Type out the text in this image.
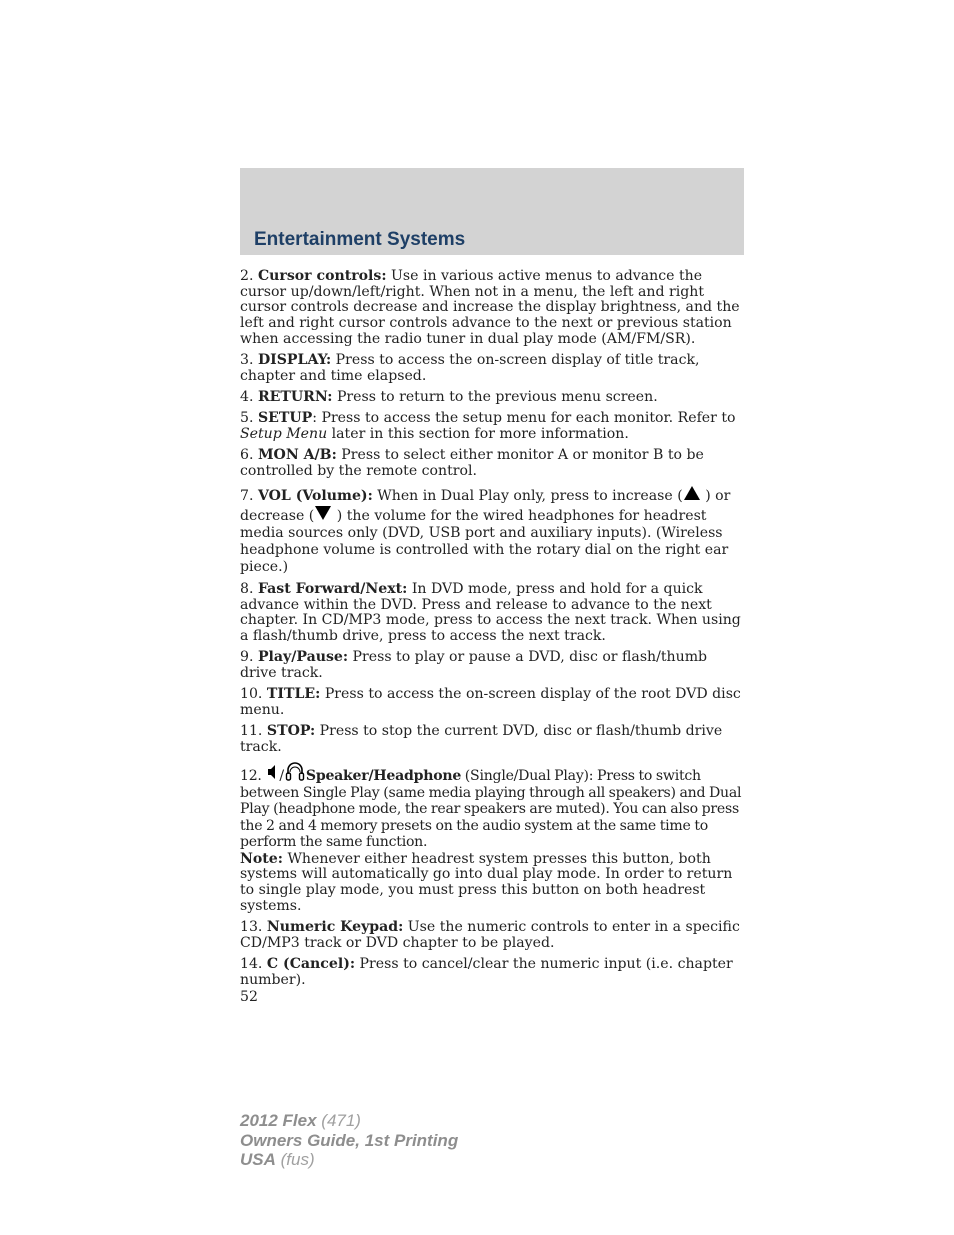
Entertainment Systems

2. Cursor controls: Use in various active menus to advance the cursor up/down/left/right. When not in a menu, the left and right cursor controls decrease and increase the display brightness, and the left and right cursor controls advance to the next or previous station when accessing the radio tuner in dual play mode (AM/FM/SR).

3. DISPLAY: Press to access the on-screen display of title track, chapter and time elapsed.

4. RETURN: Press to return to the previous menu screen.

5. SETUP: Press to access the setup menu for each monitor. Refer to Setup Menu later in this section for more information.

6. MON A/B: Press to select either monitor A or monitor B to be controlled by the remote control.

7. VOL (Volume): When in Dual Play only, press to increase ( ) or decrease ( ) the volume for the wired headphones for headrest media sources only (DVD, USB port and auxiliary inputs). (Wireless headphone volume is controlled with the rotary dial on the right ear piece.)

8. Fast Forward/Next: In DVD mode, press and hold for a quick advance within the DVD. Press and release to advance to the next chapter. In CD/MP3 mode, press to access the next track. When using a flash/thumb drive, press to access the next track.

9. Play/Pause: Press to play or pause a DVD, disc or flash/thumb drive track.

10. TITLE: Press to access the on-screen display of the root DVD disc menu.

11. STOP: Press to stop the current DVD, disc or flash/thumb drive track.

12. / Speaker/Headphone (Single/Dual Play): Press to switch between Single Play (same media playing through all speakers) and Dual Play (headphone mode, the rear speakers are muted). You can also press the 2 and 4 memory presets on the audio system at the same time to perform the same function.

Note: Whenever either headrest system presses this button, both systems will automatically go into dual play mode. In order to return to single play mode, you must press this button on both headrest systems.

13. Numeric Keypad: Use the numeric controls to enter in a specific CD/MP3 track or DVD chapter to be played.

14. C (Cancel): Press to cancel/clear the numeric input (i.e. chapter number).

52
2012 Flex (471)
Owners Guide, 1st Printing
USA (fus)
